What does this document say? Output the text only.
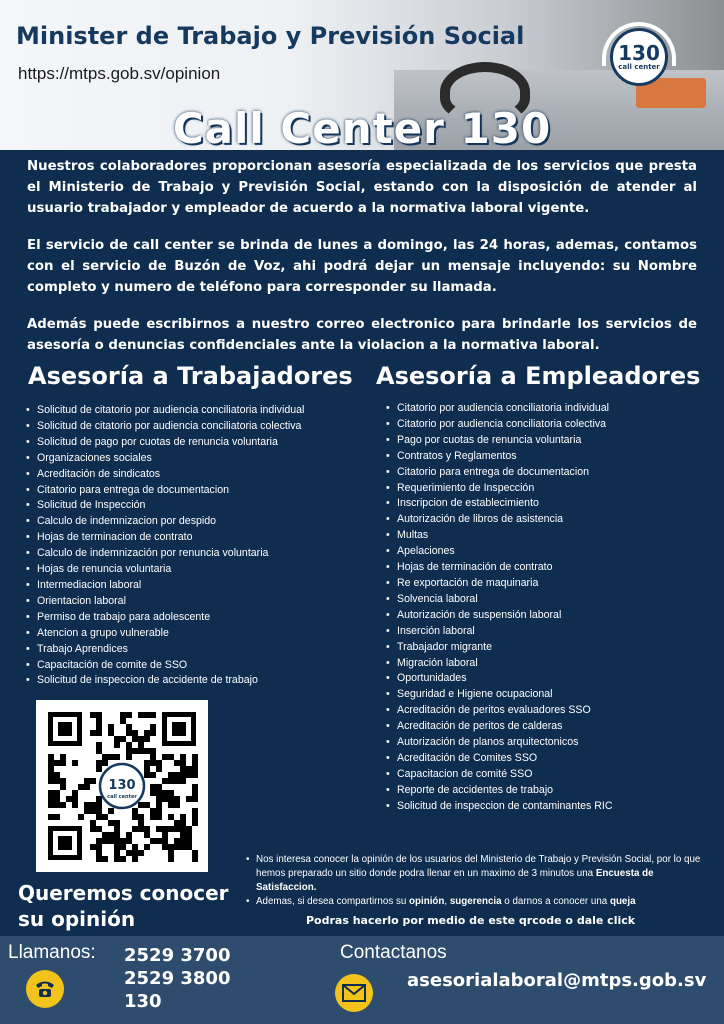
Minister de Trabajo y Previsión Social
https://mtps.gob.sv/opinion
130
call center
Call Center 130

Nuestros colaboradores proporcionan asesoría especializada de los servicios que presta el Ministerio de Trabajo y Previsión Social, estando con la disposición de atender al usuario trabajador y empleador de acuerdo a la normativa laboral vigente.

El servicio de call center se brinda de lunes a domingo, las 24 horas, ademas, contamos con el servicio de Buzón de Voz, ahi podrá dejar un mensaje incluyendo: su Nombre completo y numero de teléfono para corresponder su llamada.

Además puede escribirnos a nuestro correo electronico para brindarle los servicios de asesoría o denuncias confidenciales ante la violacion a la normativa laboral.

Asesoría a Trabajadores Asesoría a Empleadores
• Solicitud de citatorio por audiencia conciliatoria individual
• Solicitud de citatorio por audiencia conciliatoria colectiva
• Solicitud de pago por cuotas de renuncia voluntaria
• Organizaciones sociales
• Acreditación de sindicatos
• Citatorio para entrega de documentacion
• Solicitud de Inspección
• Calculo de indemnizacion por despido
• Hojas de terminacion de contrato
• Calculo de indemnización por renuncia voluntaria
• Hojas de renuncia voluntaria
• Intermediacion laboral
• Orientacion laboral
• Permiso de trabajo para adolescente
• Atencion a grupo vulnerable
• Trabajo Aprendices
• Capacitación de comite de SSO
• Solicitud de inspeccion de accidente de trabajo
• Citatorio por audiencia conciliatoria individual
• Citatorio por audiencia conciliatoria colectiva
• Pago por cuotas de renuncia voluntaria
• Contratos y Reglamentos
• Citatorio para entrega de documentacion
• Requerimiento de Inspección
• Inscripcion de establecimiento
• Autorización de libros de asistencia
• Multas
• Apelaciones
• Hojas de terminación de contrato
• Re exportación de maquinaria
• Solvencia laboral
• Autorización de suspensión laboral
• Inserción laboral
• Trabajador migrante
• Migración laboral
• Oportunidades
• Seguridad e Higiene ocupacional
• Acreditación de peritos evaluadores SSO
• Acreditación de peritos de calderas
• Autorización de planos arquitectonicos
• Acreditación de Comites SSO
• Capacitacion de comité SSO
• Reporte de accidentes de trabajo
• Solicitud de inspeccion de contaminantes RIC
130
call center
Queremos conocer
su opinión
• Nos interesa conocer la opinión de los usuarios del Ministerio de Trabajo y Previsión Social, por lo que hemos preparado un sitio donde podra llenar en un maximo de 3 minutos una Encuesta de Satisfaccion.
• Ademas, si desea compartirnos su opinión, sugerencia o darnos a conocer una queja
Podras hacerlo por medio de este qrcode o dale click
Llamanos: 2529 3700
2529 3800
130
Contactanos
asesorialaboral@mtps.gob.sv
